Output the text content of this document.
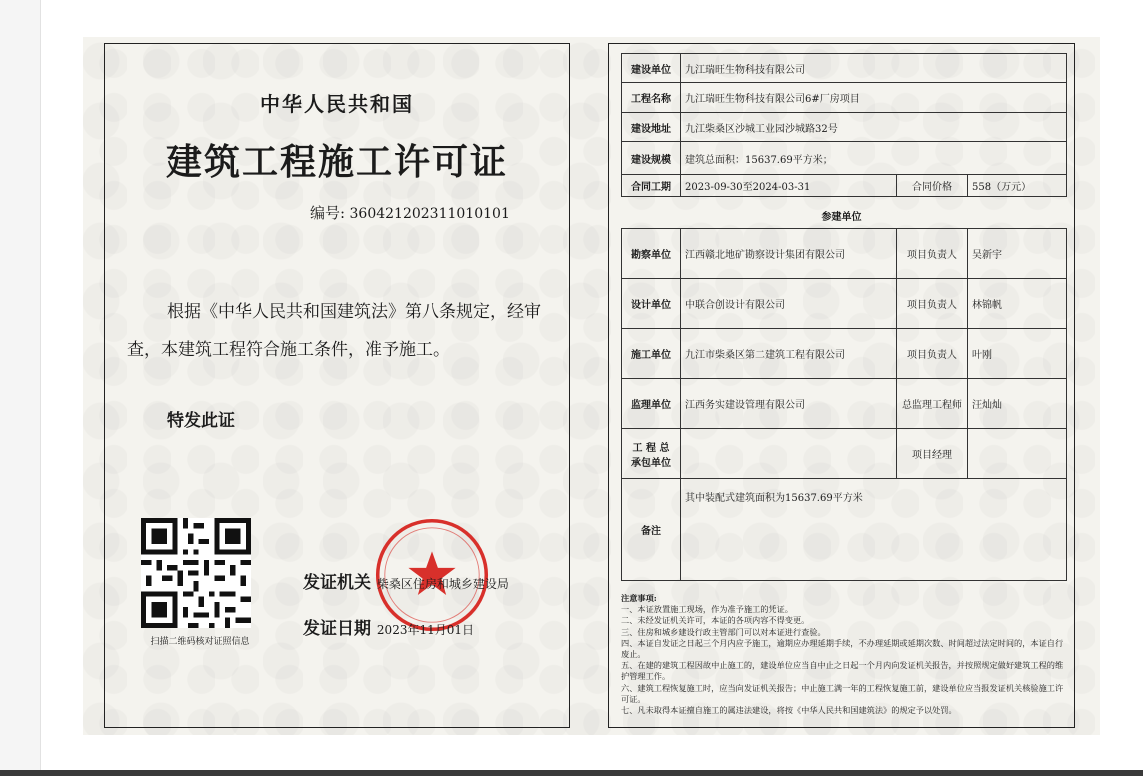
中华人民共和国
建筑工程施工许可证
编号: 360421202311010101
根据《中华人民共和国建筑法》第八条规定，经审
查，本建筑工程符合施工条件，准予施工。
特发此证
扫描二维码核对证照信息
发证机关 柴桑区住房和城乡建设局
发证日期 2023年11月01日
建设单位	九江瑞旺生物科技有限公司		
工程名称	九江瑞旺生物科技有限公司6#厂房项目		
建设地址	九江柴桑区沙城工业园沙城路32号		
建设规模	建筑总面积：15637.69平方米；		
合同工期	2023-09-30至2024-03-31	合同价格	558（万元）
参建单位
勘察单位	江西赣北地矿勘察设计集团有限公司	项目负责人	吴新宇
设计单位	中联合创设计有限公司	项目负责人	林锦帆
施工单位	九江市柴桑区第二建筑工程有限公司	项目负责人	叶刚
监理单位	江西务实建设管理有限公司	总监理工程师	汪灿灿
工 程 总 承包单位		项目经理	
备注	其中装配式建筑面积为15637.69平方米		
注意事项:
一、本证放置施工现场，作为准予施工的凭证。
二、未经发证机关许可，本证的各项内容不得变更。
三、住房和城乡建设行政主管部门可以对本证进行查验。
四、本证自发证之日起三个月内应予施工，逾期应办理延期手续，不办理延期或延期次数、时间超过法定时间的，本证自行废止。
五、在建的建筑工程因故中止施工的，建设单位应当自中止之日起一个月内向发证机关报告，并按照规定做好建筑工程的维护管理工作。
六、建筑工程恢复施工时，应当向发证机关报告；中止施工满一年的工程恢复施工前，建设单位应当报发证机关核验施工许可证。
七、凡未取得本证擅自施工的属违法建设，将按《中华人民共和国建筑法》的规定予以处罚。
